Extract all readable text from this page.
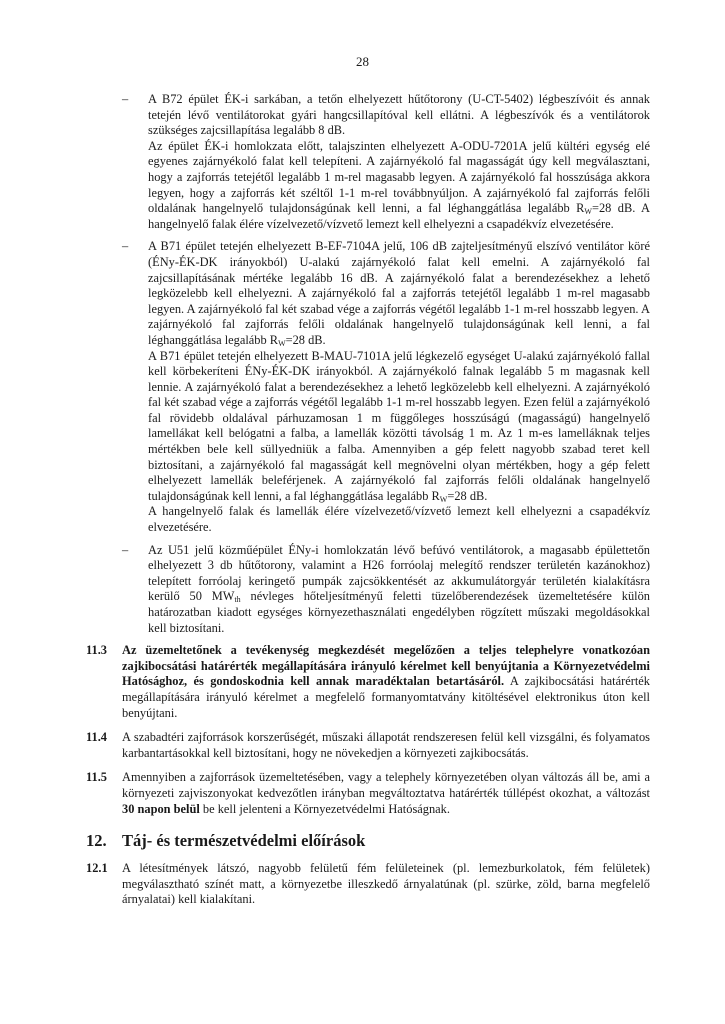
28
– A B72 épület ÉK-i sarkában, a tetőn elhelyezett hűtőtorony (U-CT-5402) légbeszívóit és annak tetején lévő ventilátorokat gyári hangcsillapítóval kell ellátni. A légbeszívók és a ventilátorok szükséges zajcsillapítása legalább 8 dB.

Az épület ÉK-i homlokzata előtt, talajszinten elhelyezett A-ODU-7201A jelű kültéri egység elé egyenes zajárnyékoló falat kell telepíteni. A zajárnyékoló fal magasságát úgy kell megválasztani, hogy a zajforrás tetejétől legalább 1 m-rel magasabb legyen. A zajárnyékoló fal hosszúsága akkora legyen, hogy a zajforrás két széltől 1-1 m-rel továbbnyúljon. A zajárnyékoló fal zajforrás felőli oldalának hangelnyelő tulajdonságúnak kell lenni, a fal léghanggátlása legalább $R_W=28$ dB. A hangelnyelő falak élére vízelvezető/vízvető lemezt kell elhelyezni a csapadékvíz elvezetésére.

– A B71 épület tetején elhelyezett B-EF-7104A jelű, 106 dB zajteljesítményű elszívó ventilátor köré (ÉNy-ÉK-DK irányokból) U-alakú zajárnyékoló falat kell emelni. A zajárnyékoló fal zajcsillapításának mértéke legalább 16 dB. A zajárnyékoló falat a berendezésekhez a lehető legközelebb kell elhelyezni. A zajárnyékoló fal a zajforrás tetejétől legalább 1 m-rel magasabb legyen. A zajárnyékoló fal két szabad vége a zajforrás végétől legalább 1-1 m-rel hosszabb legyen. A zajárnyékoló fal zajforrás felőli oldalának hangelnyelő tulajdonságúnak kell lenni, a fal léghanggátlása legalább $R_W=28$ dB.

A B71 épület tetején elhelyezett B-MAU-7101A jelű légkezelő egységet U-alakú zajárnyékoló fallal kell körbekeríteni ÉNy-ÉK-DK irányokból. A zajárnyékoló falnak legalább 5 m magasnak kell lennie. A zajárnyékoló falat a berendezésekhez a lehető legközelebb kell elhelyezni. A zajárnyékoló fal két szabad vége a zajforrás végétől legalább 1-1 m-rel hosszabb legyen. Ezen felül a zajárnyékoló fal rövidebb oldalával párhuzamosan 1 m függőleges hosszúságú (magasságú) hangelnyelő lamellákat kell belógatni a falba, a lamellák közötti távolság 1 m. Az 1 m-es lamelláknak teljes mértékben bele kell süllyedniük a falba. Amennyiben a gép felett nagyobb szabad teret kell biztosítani, a zajárnyékoló fal magasságát kell megnövelni olyan mértékben, hogy a gép felett elhelyezett lamellák beleférjenek. A zajárnyékoló fal zajforrás felőli oldalának hangelnyelő tulajdonságúnak kell lenni, a fal léghanggátlása legalább $R_W=28$ dB.

A hangelnyelő falak és lamellák élére vízelvezető/vízvető lemezt kell elhelyezni a csapadékvíz elvezetésére.

– Az U51 jelű közműépület ÉNy-i homlokzatán lévő befúvó ventilátorok, a magasabb épülettetőn elhelyezett 3 db hűtőtorony, valamint a H26 forróolaj melegítő rendszer területén kazánokhoz) telepített forróolaj keringető pumpák zajcsökkentését az akkumulátorgyár területén kialakításra kerülő 50 $MW_{th}$ névleges hőteljesítményű feletti tüzelőberendezések üzemeltetésére külön határozatban kiadott egységes környezethasználati engedélyben rögzített műszaki megoldásokkal kell biztosítani.

11.3 Az üzemeltetőnek a tevékenység megkezdését megelőzően a teljes telephelyre vonatkozóan zajkibocsátási határérték megállapítására irányuló kérelmet kell benyújtania a Környezetvédelmi Hatósághoz, és gondoskodnia kell annak maradéktalan betartásáról. A zajkibocsátási határérték megállapítására irányuló kérelmet a megfelelő formanyomtatvány kitöltésével elektronikus úton kell benyújtani.

11.4 A szabadtéri zajforrások korszerűségét, műszaki állapotát rendszeresen felül kell vizsgálni, és folyamatos karbantartásokkal kell biztosítani, hogy ne növekedjen a környezeti zajkibocsátás.

11.5 Amennyiben a zajforrások üzemeltetésében, vagy a telephely környezetében olyan változás áll be, ami a környezeti zajviszonyokat kedvezőtlen irányban megváltoztatva határérték túllépést okozhat, a változást 30 napon belül be kell jelenteni a Környezetvédelmi Hatóságnak.

12. Táj- és természetvédelmi előírások
12.1 A létesítmények látszó, nagyobb felületű fém felületeinek (pl. lemezburkolatok, fém felületek) megválasztható színét matt, a környezetbe illeszkedő árnyalatúnak (pl. szürke, zöld, barna megfelelő árnyalatai) kell kialakítani.
